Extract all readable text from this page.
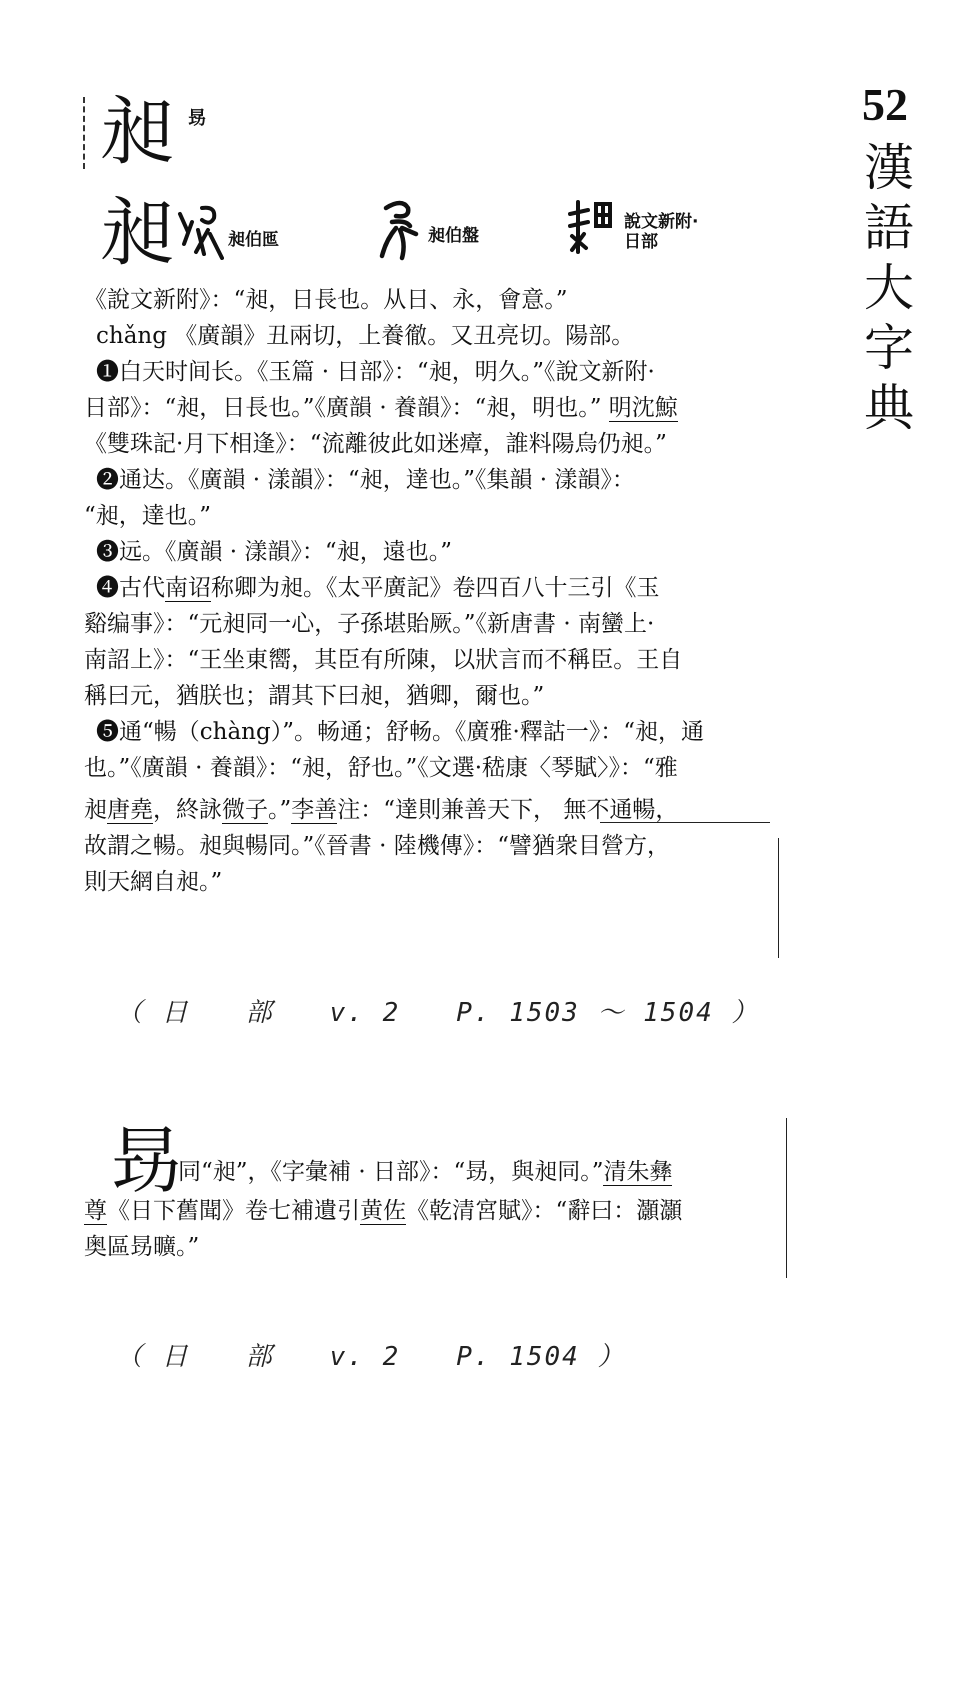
52
漢
語
大
字
典
昶 昮
昶	昶伯匜	昶伯盤
說文新附·
日部
《說文新附》：“昶，日長也。从日、永，會意。”
chǎng 《廣韻》丑兩切，上養徹。又丑亮切。陽部。
❶白天时间长。《玉篇 · 日部》：“昶，明久。”《說文新附·
日部》：“昶，日長也。”《廣韻 · 養韻》：“昶，明也。” 明沈鯨
《雙珠記·月下相逢》：“流離彼此如迷瘴，誰料陽烏仍昶。”
❷通达。《廣韻 · 漾韻》：“昶，達也。”《集韻 · 漾韻》：
“昶，達也。”
❸远。《廣韻 · 漾韻》：“昶，遠也。”
❹古代南诏称卿为昶。《太平廣記》卷四百八十三引《玉
谿编事》：“元昶同一心，子孫堪貽厥。”《新唐書 · 南蠻上·
南詔上》：“王坐東嚮，其臣有所陳，以狀言而不稱臣。王自
稱曰元，猶朕也；謂其下曰昶，猶卿，爾也。”
❺通“暢（chàng）”。畅通；舒畅。《廣雅·釋詁一》：“昶，通
也。”《廣韻 · 養韻》：“昶，舒也。”《文選·嵇康〈琴賦〉》：“雅
昶唐堯，終詠微子。”李善注：“達則兼善天下， 無不通暢，
故謂之暢。昶與暢同。”《晉書 · 陸機傳》：“譬猶衆目營方，
則天網自昶。”
（ 日　　部　　v. 2　　P. 1503 ～ 1504 ）
昮
同“昶”，《字彙補 · 日部》：“昮，與昶同。”清朱彝
尊《日下舊聞》卷七補遺引黄佐《乾清宮賦》：“辭曰：灝灝
奥區昮曠。”
（ 日　　部　　v. 2　　P. 1504 ）
